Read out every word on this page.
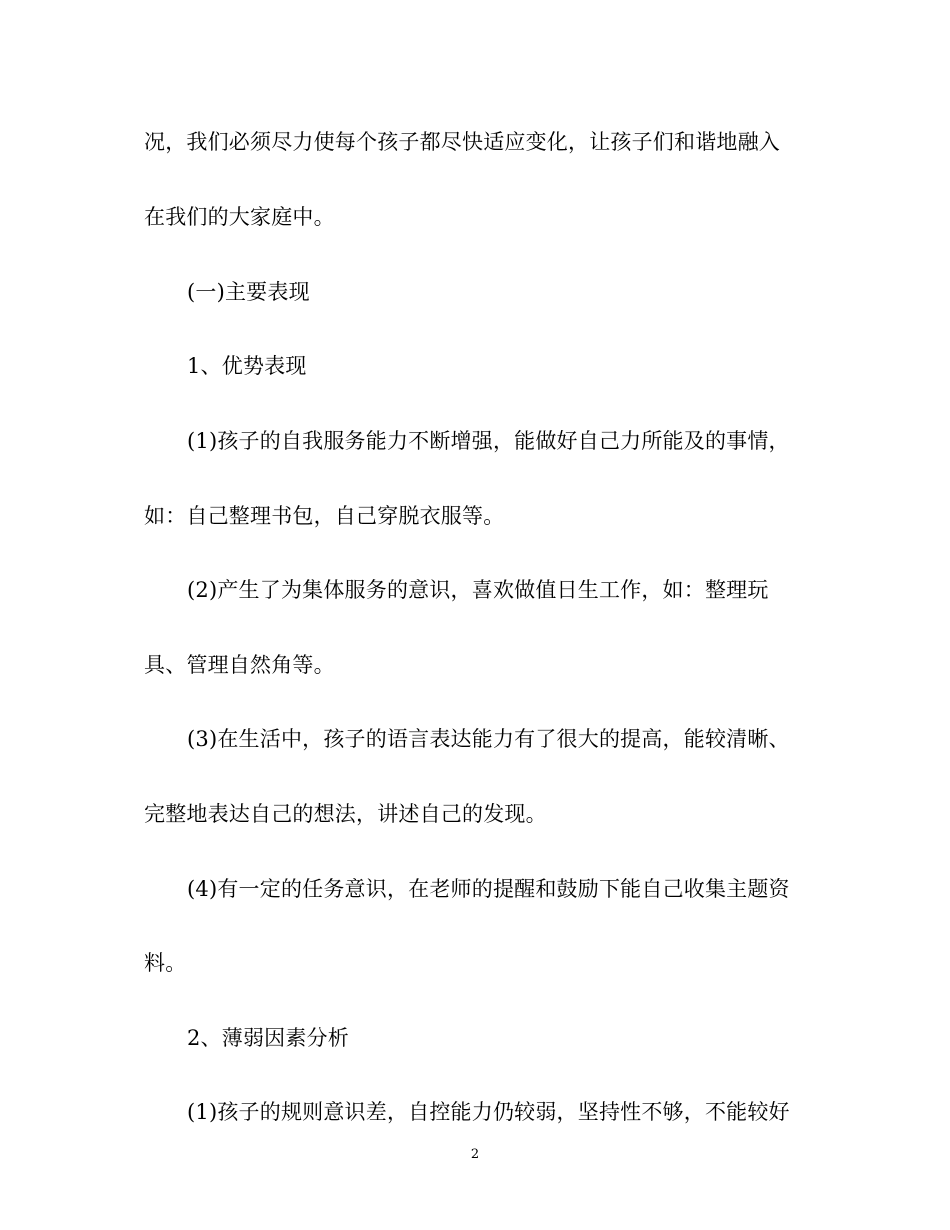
况，我们必须尽力使每个孩子都尽快适应变化，让孩子们和谐地融入
在我们的大家庭中。
(一)主要表现
1、优势表现
(1)孩子的自我服务能力不断增强，能做好自己力所能及的事情，
如：自己整理书包，自己穿脱衣服等。
(2)产生了为集体服务的意识，喜欢做值日生工作，如：整理玩
具、管理自然角等。
(3)在生活中，孩子的语言表达能力有了很大的提高，能较清晰、
完整地表达自己的想法，讲述自己的发现。
(4)有一定的任务意识，在老师的提醒和鼓励下能自己收集主题资
料。
2、薄弱因素分析
(1)孩子的规则意识差，自控能力仍较弱，坚持性不够，不能较好
2
